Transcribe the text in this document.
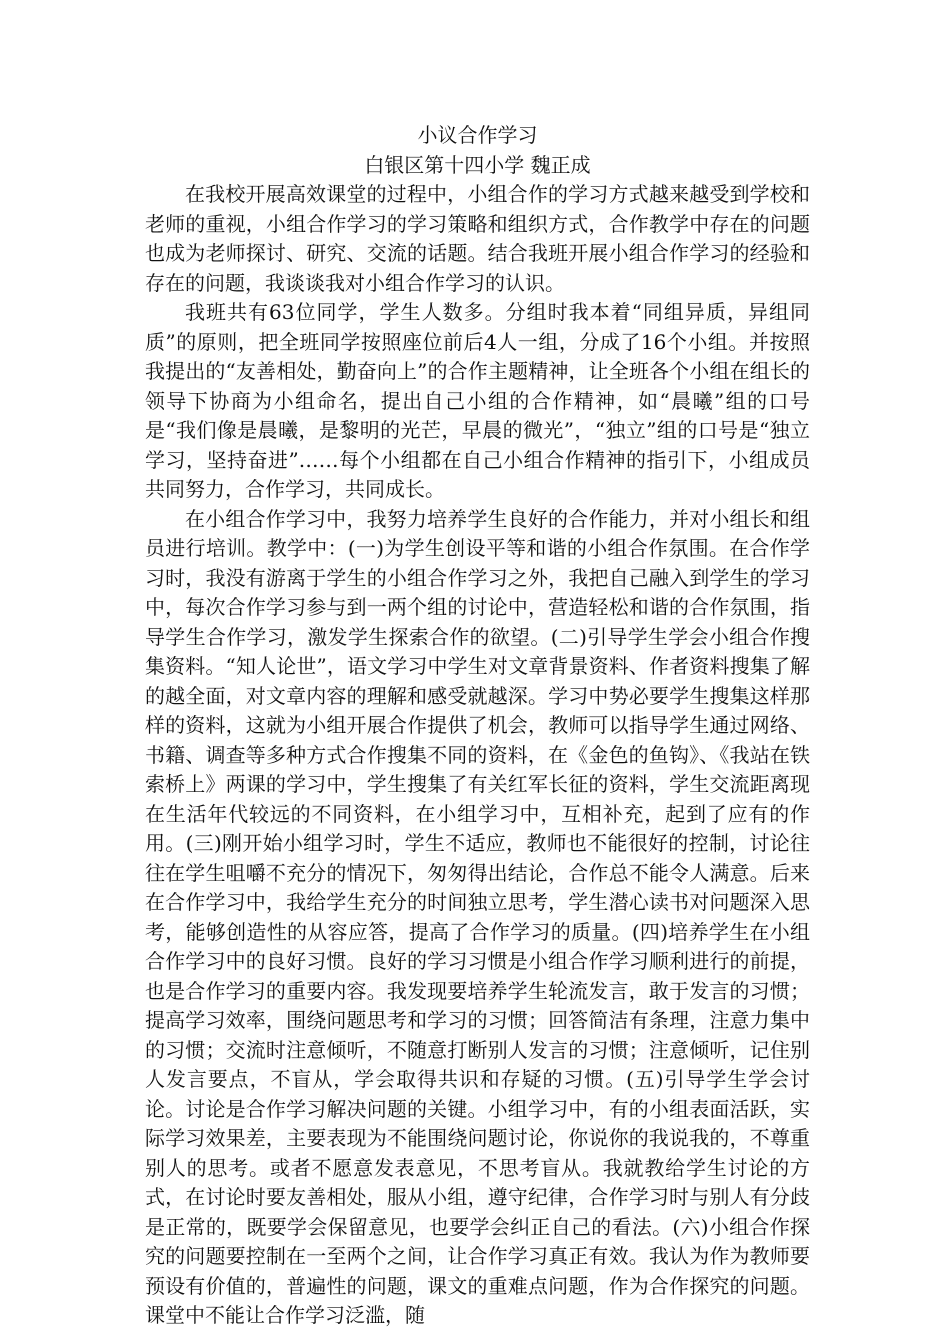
小议合作学习

白银区第十四小学 魏正成

在我校开展高效课堂的过程中，小组合作的学习方式越来越受到学校和老师的重视，小组合作学习的学习策略和组织方式，合作教学中存在的问题也成为老师探讨、研究、交流的话题。结合我班开展小组合作学习的经验和存在的问题，我谈谈我对小组合作学习的认识。

我班共有63位同学，学生人数多。分组时我本着“同组异质，异组同质”的原则，把全班同学按照座位前后4人一组，分成了16个小组。并按照我提出的“友善相处，勤奋向上”的合作主题精神，让全班各个小组在组长的领导下协商为小组命名，提出自己小组的合作精神，如“晨曦”组的口号是“我们像是晨曦，是黎明的光芒，早晨的微光”，“独立”组的口号是“独立学习，坚持奋进”……每个小组都在自己小组合作精神的指引下，小组成员共同努力，合作学习，共同成长。

在小组合作学习中，我努力培养学生良好的合作能力，并对小组长和组员进行培训。教学中：(一)为学生创设平等和谐的小组合作氛围。在合作学习时，我没有游离于学生的小组合作学习之外，我把自己融入到学生的学习中，每次合作学习参与到一两个组的讨论中，营造轻松和谐的合作氛围，指导学生合作学习，激发学生探索合作的欲望。(二)引导学生学会小组合作搜集资料。“知人论世”，语文学习中学生对文章背景资料、作者资料搜集了解的越全面，对文章内容的理解和感受就越深。学习中势必要学生搜集这样那样的资料，这就为小组开展合作提供了机会，教师可以指导学生通过网络、书籍、调查等多种方式合作搜集不同的资料，在《金色的鱼钩》、《我站在铁索桥上》两课的学习中，学生搜集了有关红军长征的资料，学生交流距离现在生活年代较远的不同资料，在小组学习中，互相补充，起到了应有的作用。(三)刚开始小组学习时，学生不适应，教师也不能很好的控制，讨论往往在学生咀嚼不充分的情况下，匆匆得出结论，合作总不能令人满意。后来在合作学习中，我给学生充分的时间独立思考，学生潜心读书对问题深入思考，能够创造性的从容应答，提高了合作学习的质量。(四)培养学生在小组合作学习中的良好习惯。良好的学习习惯是小组合作学习顺利进行的前提，也是合作学习的重要内容。我发现要培养学生轮流发言，敢于发言的习惯；提高学习效率，围绕问题思考和学习的习惯；回答简洁有条理，注意力集中的习惯；交流时注意倾听，不随意打断别人发言的习惯；注意倾听，记住别人发言要点，不盲从，学会取得共识和存疑的习惯。(五)引导学生学会讨论。讨论是合作学习解决问题的关键。小组学习中，有的小组表面活跃，实际学习效果差，主要表现为不能围绕问题讨论，你说你的我说我的，不尊重别人的思考。或者不愿意发表意见，不思考盲从。我就教给学生讨论的方式，在讨论时要友善相处，服从小组，遵守纪律，合作学习时与别人有分歧是正常的，既要学会保留意见，也要学会纠正自己的看法。(六)小组合作探究的问题要控制在一至两个之间，让合作学习真正有效。我认为作为教师要预设有价值的，普遍性的问题，课文的重难点问题，作为合作探究的问题。课堂中不能让合作学习泛滥，随
